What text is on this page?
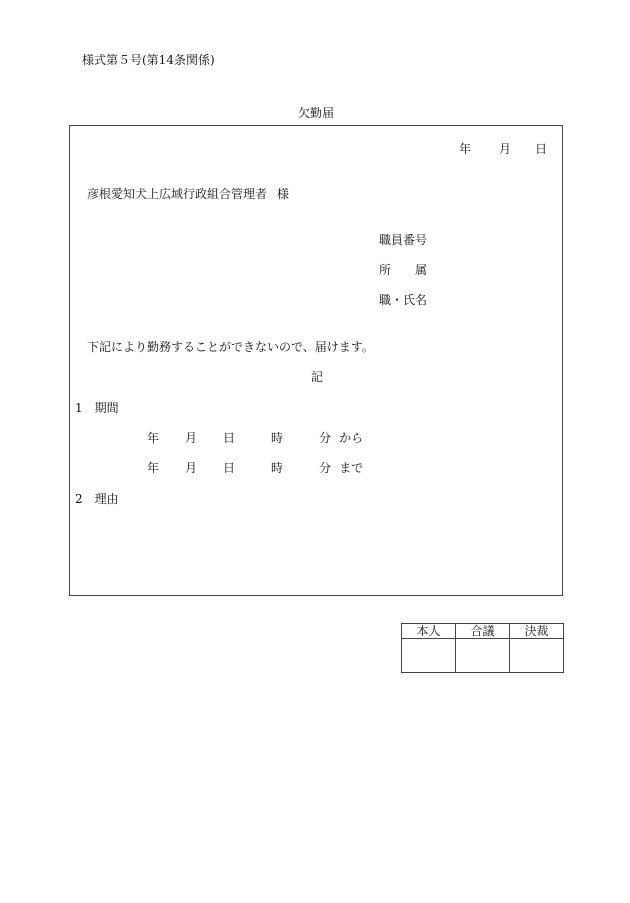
様式第５号(第14条関係)
欠勤届
年 月 日
彦根愛知犬上広域行政組合管理者 様
職員番号
所 属
職・氏名
下記により勤務することができないので、届けます。
記
1　期間
年 月 日	時	分 から
年 月 日	時	分 まで
2　理由
本人	合議	決裁
